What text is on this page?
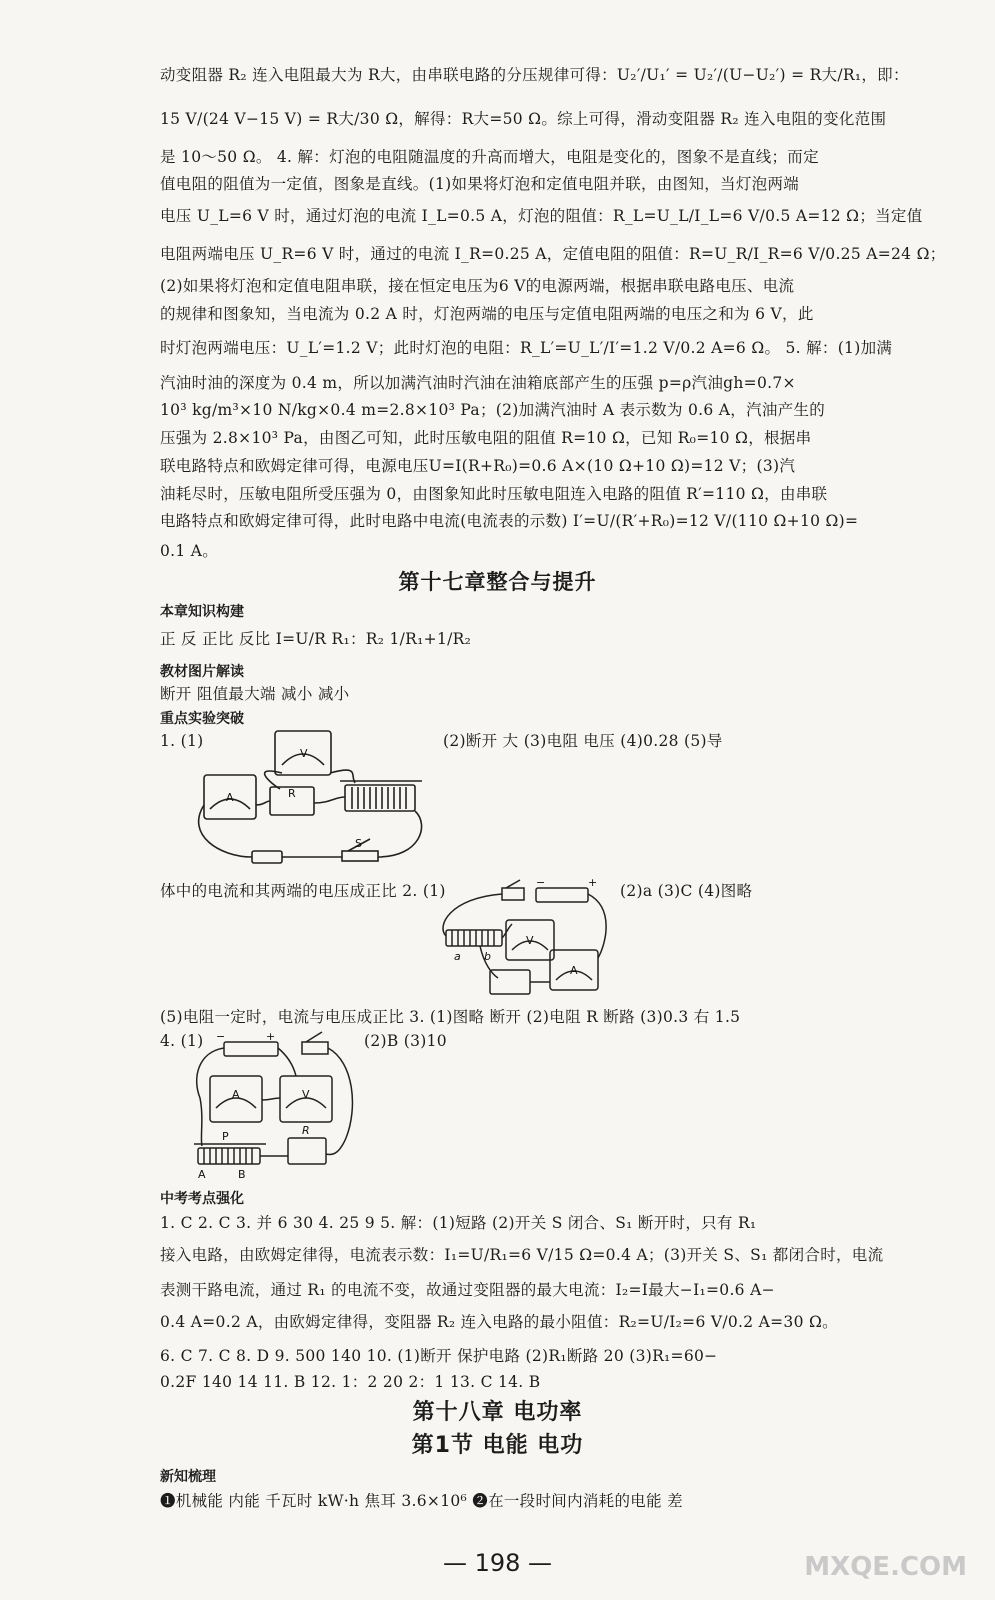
动变阻器 R₂ 连入电阻最大为 R大，由串联电路的分压规律可得：U₂′/U₁′ = U₂′/(U−U₂′) = R大/R₁，即：
15 V/(24 V−15 V) = R大/30 Ω，解得：R大=50 Ω。综上可得，滑动变阻器 R₂ 连入电阻的变化范围
是 10～50 Ω。 4. 解：灯泡的电阻随温度的升高而增大，电阻是变化的，图象不是直线；而定
值电阻的阻值为一定值，图象是直线。(1)如果将灯泡和定值电阻并联，由图知，当灯泡两端
电压 U_L=6 V 时，通过灯泡的电流 I_L=0.5 A，灯泡的阻值：R_L=U_L/I_L=6 V/0.5 A=12 Ω；当定值
电阻两端电压 U_R=6 V 时，通过的电流 I_R=0.25 A，定值电阻的阻值：R=U_R/I_R=6 V/0.25 A=24 Ω；
(2)如果将灯泡和定值电阻串联，接在恒定电压为6 V的电源两端，根据串联电路电压、电流
的规律和图象知，当电流为 0.2 A 时，灯泡两端的电压与定值电阻两端的电压之和为 6 V，此
时灯泡两端电压：U_L′=1.2 V；此时灯泡的电阻：R_L′=U_L′/I′=1.2 V/0.2 A=6 Ω。 5. 解：(1)加满
汽油时油的深度为 0.4 m，所以加满汽油时汽油在油箱底部产生的压强 p=ρ汽油gh=0.7×
10³ kg/m³×10 N/kg×0.4 m=2.8×10³ Pa；(2)加满汽油时 A 表示数为 0.6 A，汽油产生的
压强为 2.8×10³ Pa，由图乙可知，此时压敏电阻的阻值 R=10 Ω，已知 R₀=10 Ω，根据串
联电路特点和欧姆定律可得，电源电压U=I(R+R₀)=0.6 A×(10 Ω+10 Ω)=12 V；(3)汽
油耗尽时，压敏电阻所受压强为 0，由图象知此时压敏电阻连入电路的阻值 R′=110 Ω，由串联
电路特点和欧姆定律可得，此时电路中电流(电流表的示数) I′=U/(R′+R₀)=12 V/(110 Ω+10 Ω)=
0.1 A。
第十七章整合与提升
本章知识构建
正 反 正比 反比 I=U/R R₁：R₂ 1/R₁+1/R₂
教材图片解读
断开 阻值最大端 减小 减小
重点实验突破
1. (1)	(2)断开 大 (3)电阻 电压 (4)0.28 (5)导
V
A	R
S
体中的电流和其两端的电压成正比 2. (1)	(2)a (3)C (4)图略
−	+
V
A
a b
(5)电阻一定时，电流与电压成正比 3. (1)图略 断开 (2)电阻 R 断路 (3)0.3 右 1.5
4. (1)	(2)B (3)10
−	+
A	V
P	R
A	B
中考考点强化
1. C 2. C 3. 并 6 30 4. 25 9 5. 解：(1)短路 (2)开关 S 闭合、S₁ 断开时，只有 R₁
接入电路，由欧姆定律得，电流表示数：I₁=U/R₁=6 V/15 Ω=0.4 A；(3)开关 S、S₁ 都闭合时，电流
表测干路电流，通过 R₁ 的电流不变，故通过变阻器的最大电流：I₂=I最大−I₁=0.6 A−
0.4 A=0.2 A，由欧姆定律得，变阻器 R₂ 连入电路的最小阻值：R₂=U/I₂=6 V/0.2 A=30 Ω。
6. C 7. C 8. D 9. 500 140 10. (1)断开 保护电路 (2)R₁断路 20 (3)R₁=60−
0.2F 140 14 11. B 12. 1：2 20 2：1 13. C 14. B
第十八章 电功率
第1节 电能 电功
新知梳理
❶机械能 内能 千瓦时 kW·h 焦耳 3.6×10⁶ ❷在一段时间内消耗的电能 差
— 198 —	MXQE.COM
